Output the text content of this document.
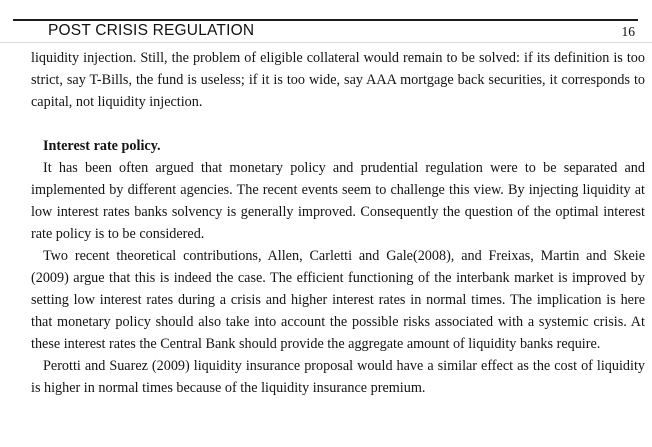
POST CRISIS REGULATION	16

liquidity injection. Still, the problem of eligible collateral would remain to be solved: if its definition is too strict, say T-Bills, the fund is useless; if it is too wide, say AAA mortgage back securities, it corresponds to capital, not liquidity injection.

Interest rate policy.

It has been often argued that monetary policy and prudential regulation were to be separated and implemented by different agencies. The recent events seem to challenge this view. By injecting liquidity at low interest rates banks solvency is generally improved. Consequently the question of the optimal interest rate policy is to be considered.

Two recent theoretical contributions, Allen, Carletti and Gale(2008), and Freixas, Martin and Skeie (2009) argue that this is indeed the case. The efficient functioning of the interbank market is improved by setting low interest rates during a crisis and higher interest rates in normal times. The implication is here that monetary policy should also take into account the possible risks associated with a systemic crisis. At these interest rates the Central Bank should provide the aggregate amount of liquidity banks require.

Perotti and Suarez (2009) liquidity insurance proposal would have a similar effect as the cost of liquidity is higher in normal times because of the liquidity insurance premium.
